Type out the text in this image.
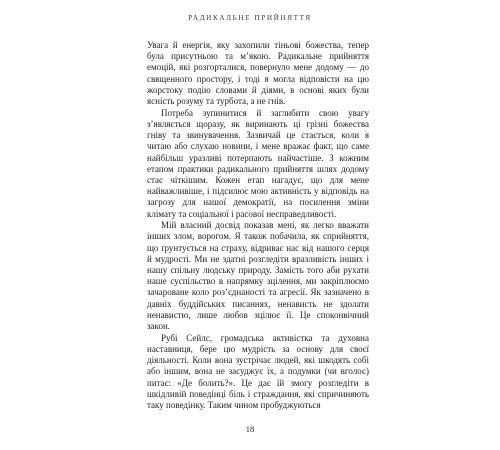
РАДИКАЛЬНЕ ПРИЙНЯТТЯ

Увага й енергія, яку захопили тіньові божества, тепер була присутньою та м’якою. Радикальне прийняття емоцій, які розгорталися, повернуло мене додому — до священного простору, і тоді я могла відповісти на цю жорстоку подію словами й діями, в основі яких були ясність розуму та турбота, а не гнів.

Потреба зупинитися й заглибити свою увагу з’являється щоразу, як виринають ці грізні божества гніву та звинувачення. Зазвичай це стається, коли я читаю або слухаю новини, і мене вражає факт, що саме найбільш уразливі потерпають найчастіше. З кожним етапом практики радикального прийняття шлях додому стає чіткішим. Кожен етап нагадує, що для мене найважливіше, і підсилює мою активність у відповідь на загрозу для нашої демократії, на посилення зміни клімату та соціальної і расової несправедливості.

Мій власний досвід показав мені, як легко вважати інших злом, ворогом. Я також побачила, як сприйняття, що ґрунтується на страху, відриває нас від нашого серця й мудрості. Ми не здатні розгледіти вразливість інших і нашу спільну людську природу. Замість того аби рухати наше суспільство в напрямку зцілення, ми закріплюємо зачароване коло роз’єднаності та агресії. Як зазначено в давніх буддійських писаннях, ненависть не здолати ненавистю, лише любов зцілює її. Це споконвічний закон.

Рубі Сейлс, громадська активістка та духовна наставниця, бере цю мудрість за основу для своєї діяльності. Коли вона зустрічає людей, які шкодять собі або іншим, вона не засуджує їх, а подумки (чи вголос) питає: «Де болить?». Це дає їй змогу розгледіти в шкідливій поведінці біль і страждання, які спричиняють таку поведінку. Таким чином пробуджуються

18
